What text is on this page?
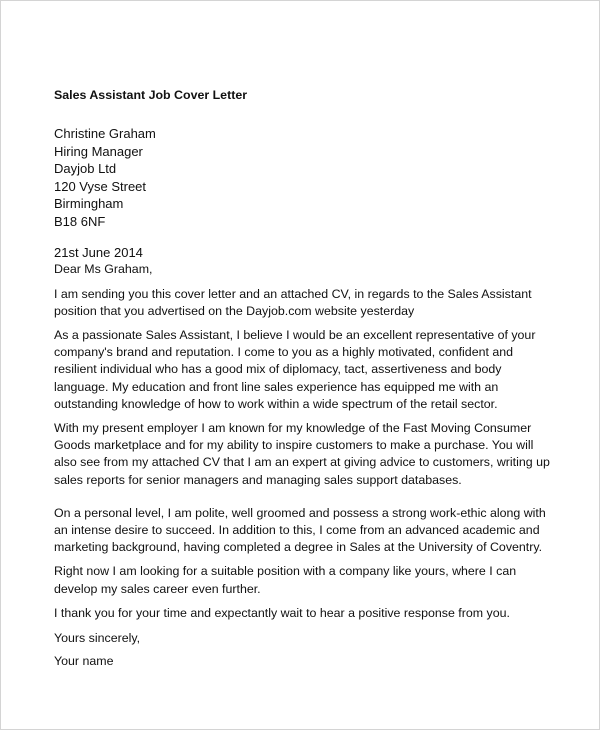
Sales Assistant Job Cover Letter
Christine Graham
Hiring Manager
Dayjob Ltd
120 Vyse Street
Birmingham
B18 6NF
21st June 2014

Dear Ms Graham,

I am sending you this cover letter and an attached CV, in regards to the Sales Assistant position that you advertised on the Dayjob.com website yesterday

As a passionate Sales Assistant, I believe I would be an excellent representative of your company's brand and reputation. I come to you as a highly motivated, confident and resilient individual who has a good mix of diplomacy, tact, assertiveness and body language. My education and front line sales experience has equipped me with an outstanding knowledge of how to work within a wide spectrum of the retail sector.

With my present employer I am known for my knowledge of the Fast Moving Consumer Goods marketplace and for my ability to inspire customers to make a purchase. You will also see from my attached CV that I am an expert at giving advice to customers, writing up sales reports for senior managers and managing sales support databases.

On a personal level, I am polite, well groomed and possess a strong work-ethic along with an intense desire to succeed. In addition to this, I come from an advanced academic and marketing background, having completed a degree in Sales at the University of Coventry.

Right now I am looking for a suitable position with a company like yours, where I can develop my sales career even further.

I thank you for your time and expectantly wait to hear a positive response from you.

Yours sincerely,

Your name
